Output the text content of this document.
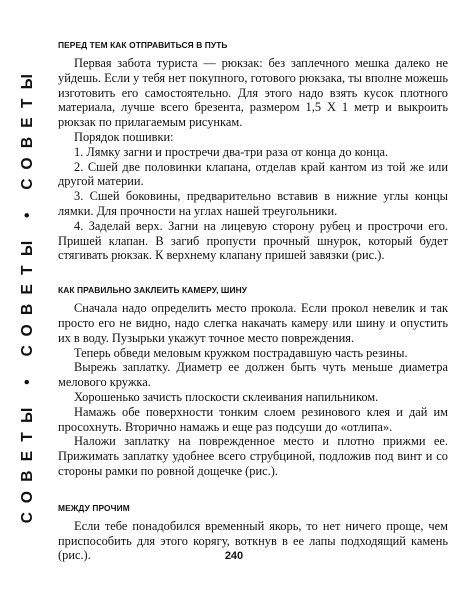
СОВЕТЫ • СОВЕТЫ • СОВЕТЫ
ПЕРЕД ТЕМ КАК ОТПРАВИТЬСЯ В ПУТЬ

Первая забота туриста — рюкзак: без заплечного мешка далеко не уйдешь. Если у тебя нет покупного, готового рюкзака, ты вполне можешь изготовить его самостоятельно. Для этого надо взять кусок плотного материала, лучше всего брезента, размером 1,5 Х 1 метр и выкроить рюкзак по прилагаемым рисункам.

Порядок пошивки:

1. Лямку загни и простречи два-три раза от конца до конца.

2. Сшей две половинки клапана, отделав край кантом из той же или другой материи.

3. Сшей боковины, предварительно вставив в нижние углы концы лямки. Для прочности на углах нашей треугольники.

4. Заделай верх. Загни на лицевую сторону рубец и прострочи его. Пришей клапан. В загиб пропусти прочный шнурок, который будет стягивать рюкзак. К верхнему клапану пришей завязки (рис.).

КАК ПРАВИЛЬНО ЗАКЛЕИТЬ КАМЕРУ, ШИНУ

Сначала надо определить место прокола. Если прокол невелик и так просто его не видно, надо слегка накачать камеру или шину и опустить их в воду. Пузырьки укажут точное место повреждения.

Теперь обведи меловым кружком пострадавшую часть резины.

Вырежь заплатку. Диаметр ее должен быть чуть меньше диаметра мелового кружка.

Хорошенько зачисть плоскости склеивания напильником.

Намажь обе поверхности тонким слоем резинового клея и дай им просохнуть. Вторично намажь и еще раз подсуши до «отлипа».

Наложи заплатку на поврежденное место и плотно прижми ее. Прижимать заплатку удобнее всего струбциной, подложив под винт и со стороны рамки по ровной дощечке (рис.).

МЕЖДУ ПРОЧИМ

Если тебе понадобился временный якорь, то нет ничего проще, чем приспособить для этого корягу, воткнув в ее лапы подходящий камень (рис.).	240
